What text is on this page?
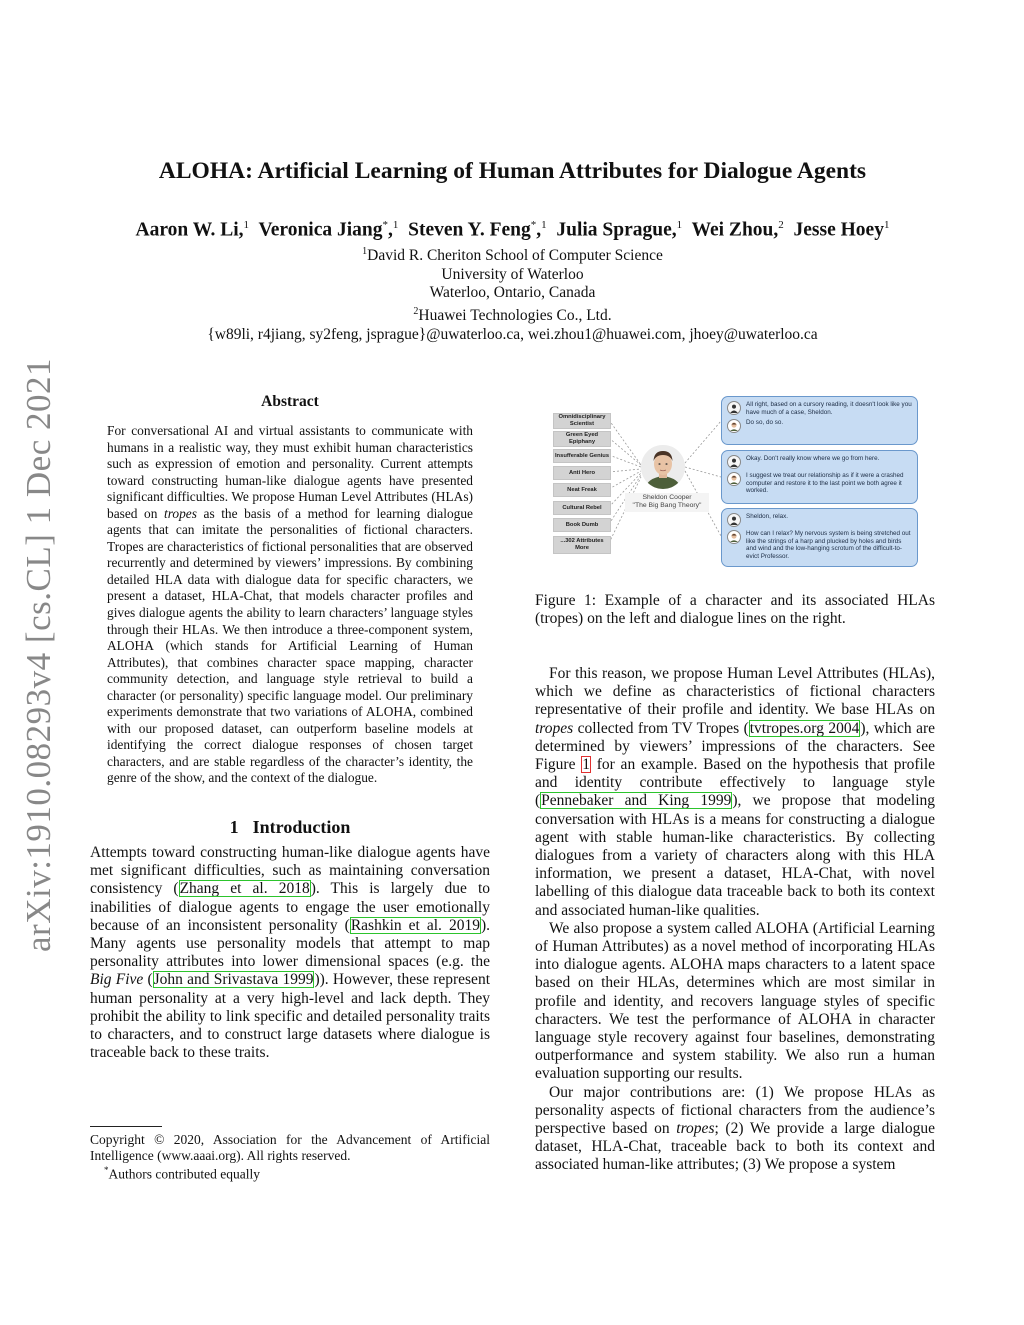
arXiv:1910.08293v4 [cs.CL] 1 Dec 2021
ALOHA: Artificial Learning of Human Attributes for Dialogue Agents
Aaron W. Li,$^1$ Veronica Jiang*,$^1$ Steven Y. Feng*,$^1$ Julia Sprague,$^1$ Wei Zhou,$^2$ Jesse Hoey$^1$
$^1$David R. Cheriton School of Computer Science
University of Waterloo
Waterloo, Ontario, Canada
$^2$Huawei Technologies Co., Ltd.
{w89li, r4jiang, sy2feng, jsprague}@uwaterloo.ca, wei.zhou1@huawei.com, jhoey@uwaterloo.ca
Abstract
For conversational AI and virtual assistants to communicate with humans in a realistic way, they must exhibit human characteristics such as expression of emotion and personality. Current attempts toward constructing human-like dialogue agents have presented significant difficulties. We propose Human Level Attributes (HLAs) based on tropes as the basis of a method for learning dialogue agents that can imitate the personalities of fictional characters. Tropes are characteristics of fictional personalities that are observed recurrently and determined by viewers’ impressions. By combining detailed HLA data with dialogue data for specific characters, we present a dataset, HLA-Chat, that models character profiles and gives dialogue agents the ability to learn characters’ language styles through their HLAs. We then introduce a three-component system, ALOHA (which stands for Artificial Learning of Human Attributes), that combines character space mapping, character community detection, and language style retrieval to build a character (or personality) specific language model. Our preliminary experiments demonstrate that two variations of ALOHA, combined with our proposed dataset, can outperform baseline models at identifying the correct dialogue responses of chosen target characters, and are stable regardless of the character’s identity, the genre of the show, and the context of the dialogue.
1 Introduction

Attempts toward constructing human-like dialogue agents have met significant difficulties, such as maintaining conversation consistency (Zhang et al. 2018). This is largely due to inabilities of dialogue agents to engage the user emotionally because of an inconsistent personality (Rashkin et al. 2019). Many agents use personality models that attempt to map personality attributes into lower dimensional spaces (e.g. the Big Five (John and Srivastava 1999)). However, these represent human personality at a very high-level and lack depth. They prohibit the ability to link specific and detailed personality traits to characters, and to construct large datasets where dialogue is traceable back to these traits.

Copyright © 2020, Association for the Advancement of Artificial Intelligence (www.aaai.org). All rights reserved.
*Authors contributed equally
Omnidisciplinary Scientist
Green Eyed Epiphany
Insufferable Genius
Anti Hero
Neat Freak
Cultural Rebel
Book Dumb
...302 Attributes More
Sheldon Cooper
"The Big Bang Theory"
All right, based on a cursory reading, it doesn't look like you have much of a case, Sheldon.
Do so, do so.
Okay. Don't really know where we go from here.
I suggest we treat our relationship as if it were a crashed computer and restore it to the last point we both agree it worked.
Sheldon, relax.
How can I relax? My nervous system is being stretched out like the strings of a harp and plucked by holes and birds and wind and the low-hanging scrotum of the difficult-to-evict Professor.
Figure 1: Example of a character and its associated HLAs (tropes) on the left and dialogue lines on the right.

For this reason, we propose Human Level Attributes (HLAs), which we define as characteristics of fictional characters representative of their profile and identity. We base HLAs on tropes collected from TV Tropes (tvtropes.org 2004), which are determined by viewers’ impressions of the characters. See Figure 1 for an example. Based on the hypothesis that profile and identity contribute effectively to language style (Pennebaker and King 1999), we propose that modeling conversation with HLAs is a means for constructing a dialogue agent with stable human-like characteristics. By collecting dialogues from a variety of characters along with this HLA information, we present a dataset, HLA-Chat, with novel labelling of this dialogue data traceable back to both its context and associated human-like qualities.

We also propose a system called ALOHA (Artificial Learning of Human Attributes) as a novel method of incorporating HLAs into dialogue agents. ALOHA maps characters to a latent space based on their HLAs, determines which are most similar in profile and identity, and recovers language styles of specific characters. We test the performance of ALOHA in character language style recovery against four baselines, demonstrating outperformance and system stability. We also run a human evaluation supporting our results.

Our major contributions are: (1) We propose HLAs as personality aspects of fictional characters from the audience’s perspective based on tropes; (2) We provide a large dialogue dataset, HLA-Chat, traceable back to both its context and associated human-like attributes; (3) We propose a system
